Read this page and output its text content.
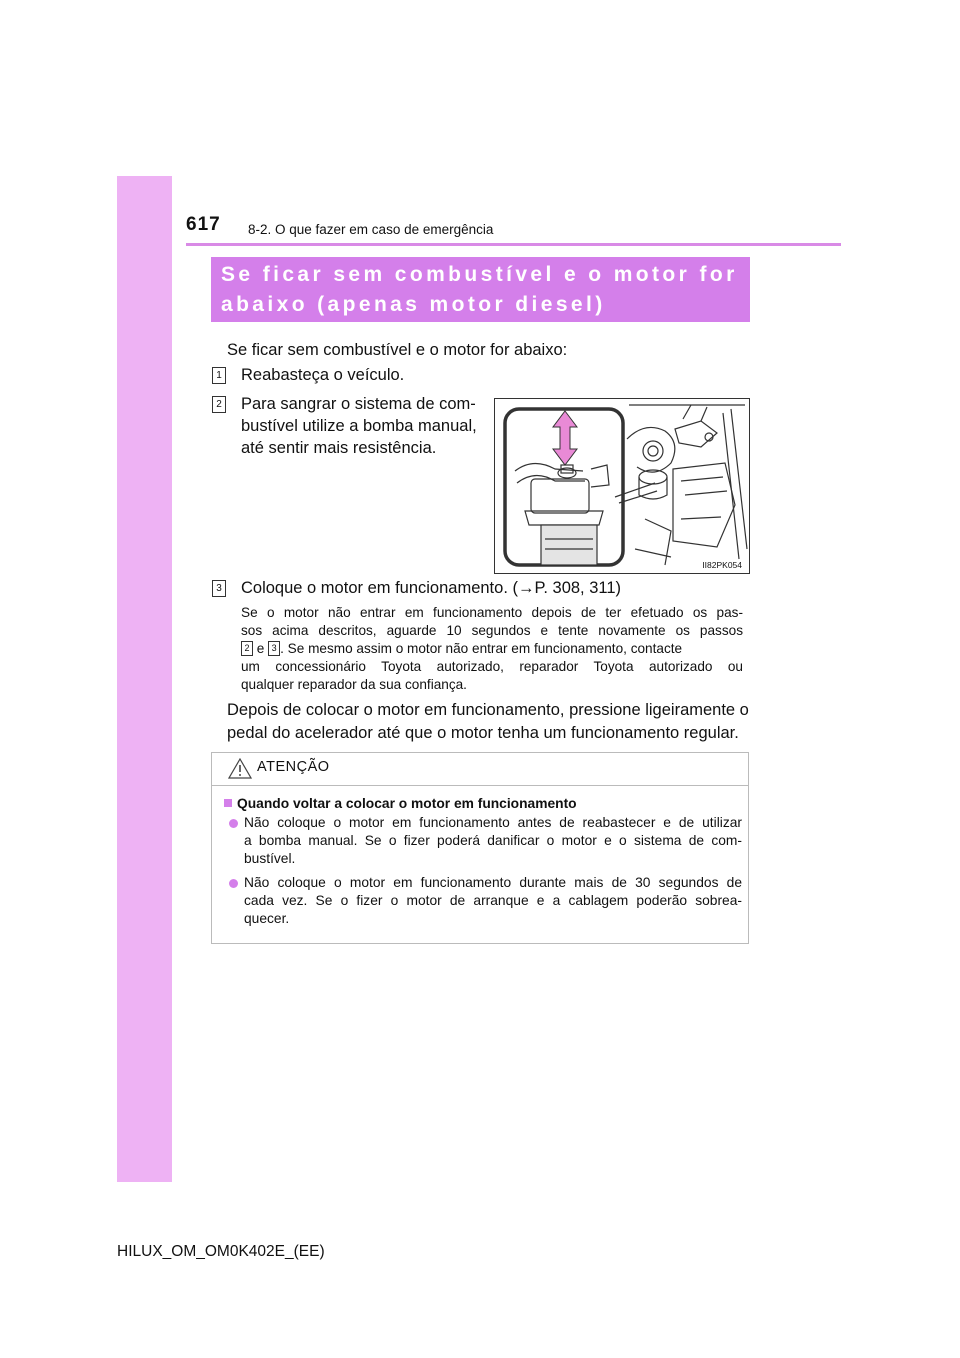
617 8-2. O que fazer em caso de emergência
Se ficar sem combustível e o motor for
abaixo (apenas motor diesel)
Se ficar sem combustível e o motor for abaixo:
1 Reabasteça o veículo.
2 Para sangrar o sistema de com-
bustível utilize a bomba manual,
até sentir mais resistência.
II82PK054
3 Coloque o motor em funcionamento. (→P. 308, 311)
Se o motor não entrar em funcionamento depois de ter efetuado os pas-
sos acima descritos, aguarde 10 segundos e tente novamente os passos
2 e 3 . Se mesmo assim o motor não entrar em funcionamento, contacte
um concessionário Toyota autorizado, reparador Toyota autorizado ou
qualquer reparador da sua confiança.
Depois de colocar o motor em funcionamento, pressione ligeiramente o
pedal do acelerador até que o motor tenha um funcionamento regular.
ATENÇÃO
Quando voltar a colocar o motor em funcionamento
Não coloque o motor em funcionamento antes de reabastecer e de utilizar
a bomba manual. Se o fizer poderá danificar o motor e o sistema de com-
bustível.
Não coloque o motor em funcionamento durante mais de 30 segundos de
cada vez. Se o fizer o motor de arranque e a cablagem poderão sobrea-
quecer.
HILUX_OM_OM0K402E_(EE)
